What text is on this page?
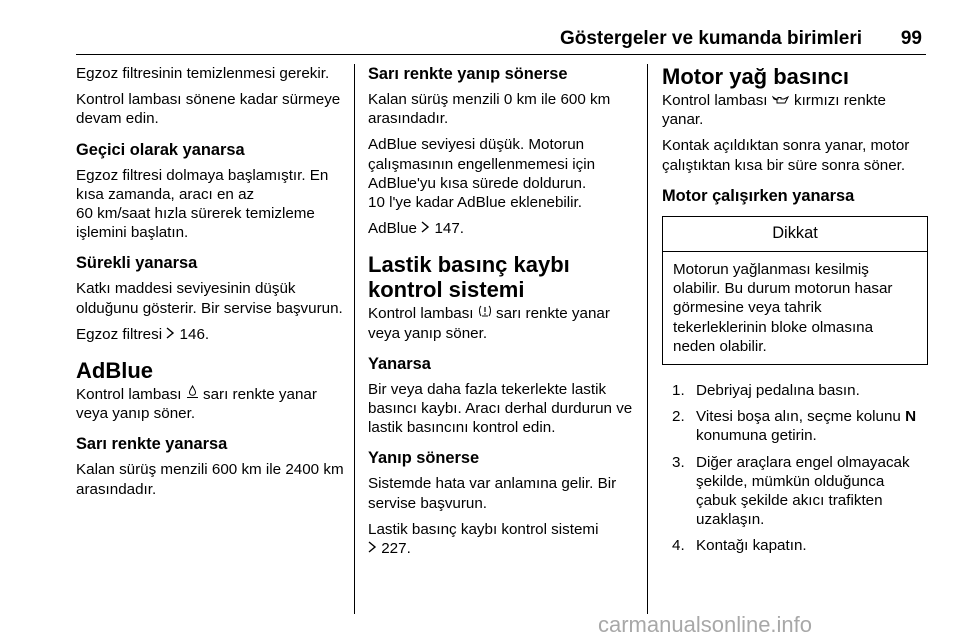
Göstergeler ve kumanda birimleri 99

Egzoz filtresinin temizlenmesi gerekir.

Kontrol lambası sönene kadar sürmeye devam edin.

Geçici olarak yanarsa

Egzoz filtresi dolmaya başlamıştır. En kısa zamanda, aracı en az
60 km/saat hızla sürerek temizleme işlemini başlatın.

Sürekli yanarsa

Katkı maddesi seviyesinin düşük olduğunu gösterir. Bir servise başvurun.

Egzoz filtresi  146.

AdBlue

Kontrol lambası  sarı renkte yanar veya yanıp söner.

Sarı renkte yanarsa

Kalan sürüş menzili 600 km ile 2400 km arasındadır.

Sarı renkte yanıp sönerse

Kalan sürüş menzili 0 km ile 600 km arasındadır.

AdBlue seviyesi düşük. Motorun çalışmasının engellenmemesi için AdBlue'yu kısa sürede doldurun.
10 l'ye kadar AdBlue eklenebilir.

AdBlue  147.

Lastik basınç kaybı kontrol sistemi

Kontrol lambası  sarı renkte yanar veya yanıp söner.

Yanarsa

Bir veya daha fazla tekerlekte lastik basıncı kaybı. Aracı derhal durdurun ve lastik basıncını kontrol edin.

Yanıp sönerse

Sistemde hata var anlamına gelir. Bir servise başvurun.

Lastik basınç kaybı kontrol sistemi
227.

Motor yağ basıncı

Kontrol lambası  kırmızı renkte yanar.

Kontak açıldıktan sonra yanar, motor çalıştıktan kısa bir süre sonra söner.

Motor çalışırken yanarsa
Dikkat
Motorun yağlanması kesilmiş olabilir. Bu durum motorun hasar görmesine veya tahrik tekerleklerinin bloke olmasına neden olabilir.
1. Debriyaj pedalına basın.
2. Vitesi boşa alın, seçme kolunu N konumuna getirin.
3. Diğer araçlara engel olmayacak şekilde, mümkün olduğunca çabuk şekilde akıcı trafikten uzaklaşın.
4. Kontağı kapatın.
carmanualsonline.info
